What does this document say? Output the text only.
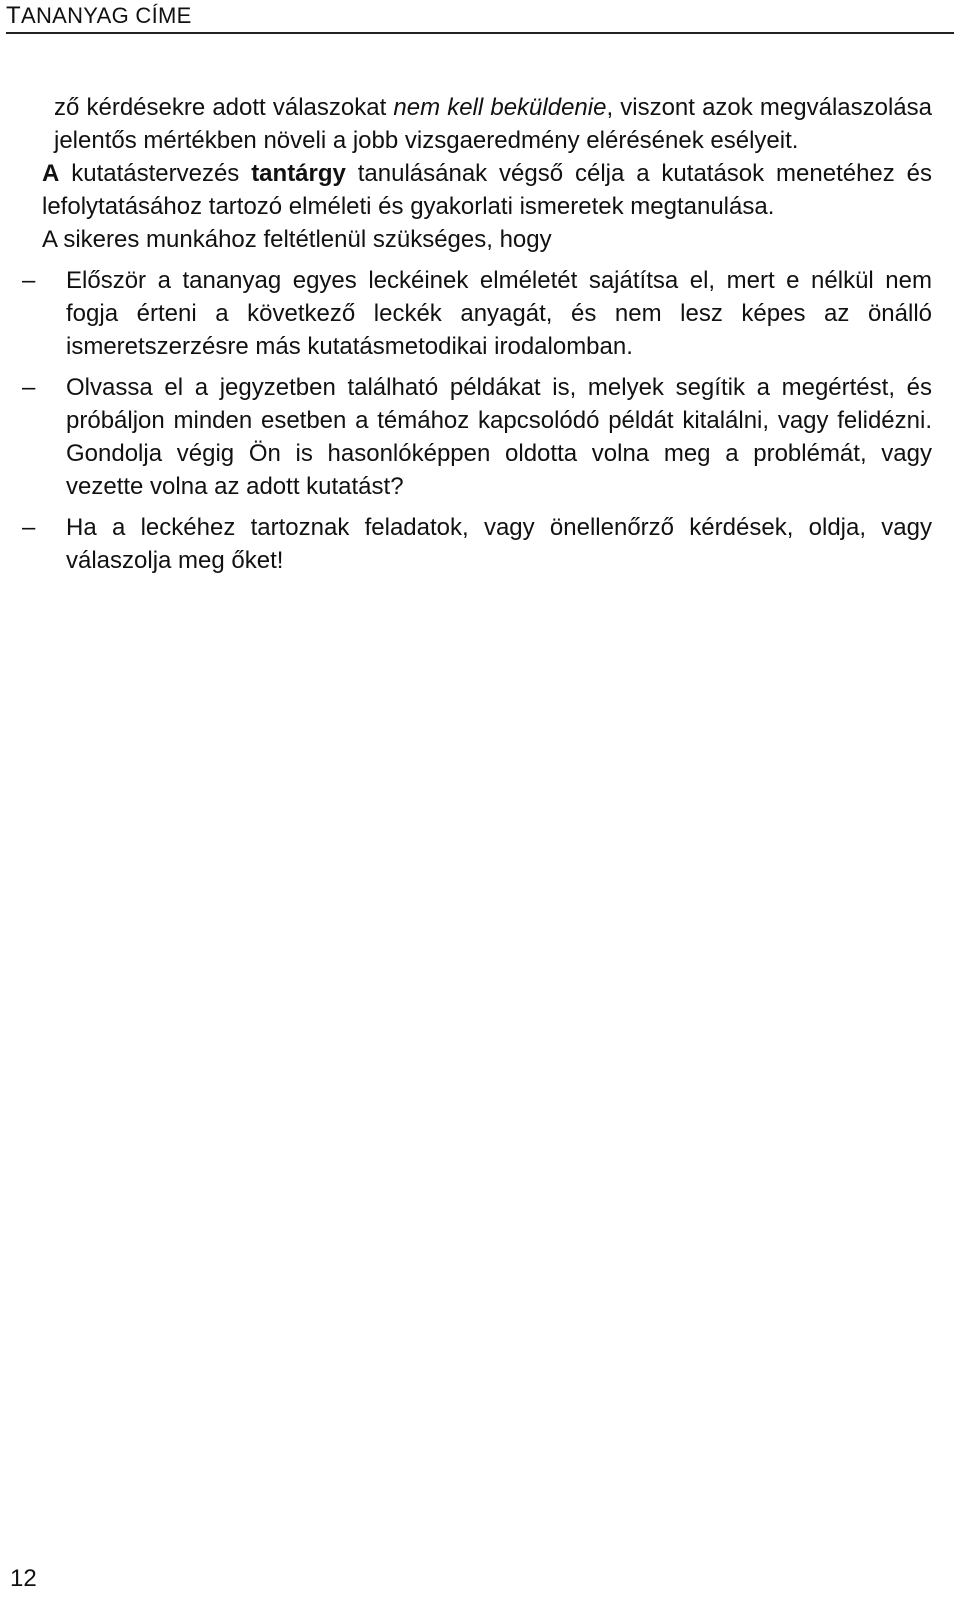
TANANYAG CÍME

ző kérdésekre adott válaszokat nem kell beküldenie, viszont azok megválaszolása jelentős mértékben növeli a jobb vizsgaeredmény elérésének esélyeit.

A kutatástervezés tantárgy tanulásának végső célja a kutatások menetéhez és lefolytatásához tartozó elméleti és gyakorlati ismeretek megtanulása.

A sikeres munkához feltétlenül szükséges, hogy

–	Először a tananyag egyes leckéinek elméletét sajátítsa el, mert e nélkül nem fogja érteni a következő leckék anyagát, és nem lesz képes az önálló ismeretszerzésre más kutatásmetodikai irodalomban.
–	Olvassa el a jegyzetben található példákat is, melyek segítik a megértést, és próbáljon minden esetben a témához kapcsolódó példát kitalálni, vagy felidézni. Gondolja végig Ön is hasonlóképpen oldotta volna meg a problémát, vagy vezette volna az adott kutatást?
–	Ha a leckéhez tartoznak feladatok, vagy önellenőrző kérdések, oldja, vagy válaszolja meg őket!
12
